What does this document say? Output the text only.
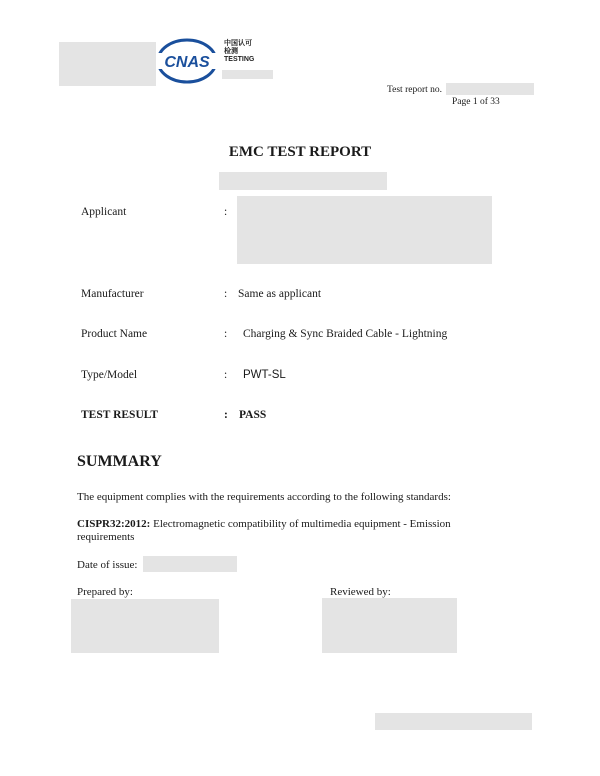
CNAS
中国认可
检测
TESTING
Test report no.
Page 1 of 33
EMC TEST REPORT
Applicant	:
Manufacturer	: Same as applicant
Product Name	: Charging & Sync Braided Cable - Lightning
Type/Model	: PWT-SL
TEST RESULT	: PASS
SUMMARY
The equipment complies with the requirements according to the following standards:
CISPR32:2012: Electromagnetic compatibility of multimedia equipment - Emission requirements
Date of issue:
Prepared by:	Reviewed by:
